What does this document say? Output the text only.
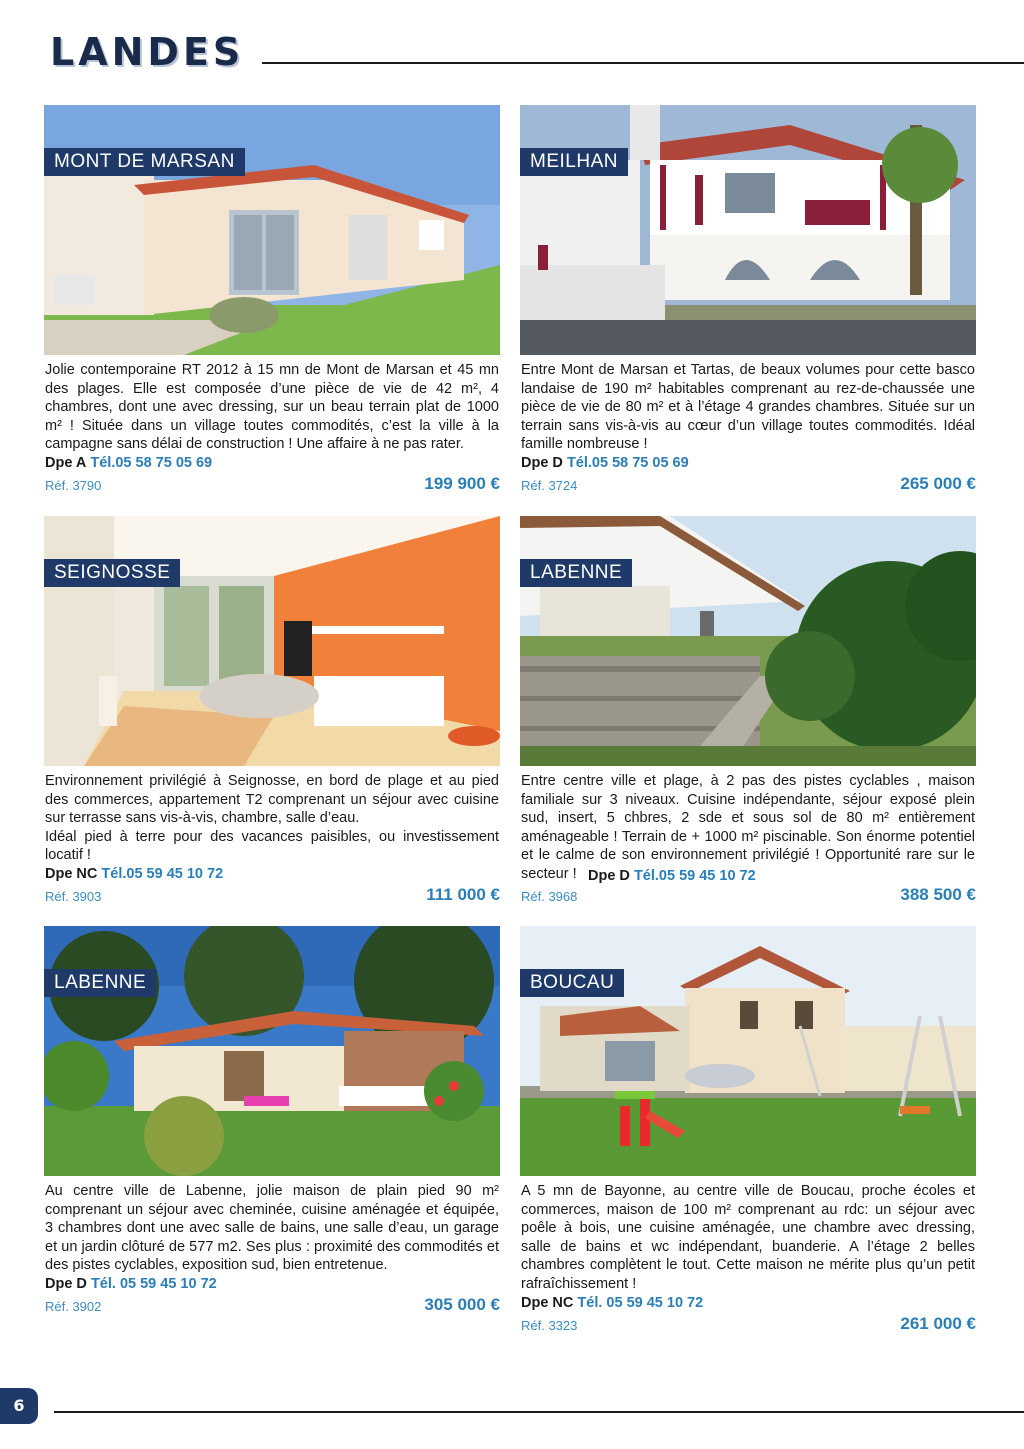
LANDES
MONT DE MARSAN
Jolie contemporaine RT 2012 à 15 mn de Mont de Marsan et 45 mn des plages. Elle est composée d’une pièce de vie de 42 m², 4 chambres, dont une avec dressing, sur un beau terrain plat de 1000 m² ! Située dans un village toutes commodités, c’est la ville à la campagne sans délai de construction ! Une affaire à ne pas rater.
Dpe A Tél.05 58 75 05 69
Réf. 3790	199 900 €
MEILHAN
Entre Mont de Marsan et Tartas, de beaux volumes pour cette basco landaise de 190 m² habitables comprenant au rez-de-chaussée une pièce de vie de 80 m² et à l’étage 4 grandes chambres. Située sur un terrain sans vis-à-vis au cœur d’un village toutes commodités. Idéal famille nombreuse !
Dpe D Tél.05 58 75 05 69
Réf. 3724	265 000 €
SEIGNOSSE
Environnement privilégié à Seignosse, en bord de plage et au pied des commerces, appartement T2 comprenant un séjour avec cuisine sur terrasse sans vis-à-vis, chambre, salle d’eau.
Idéal pied à terre pour des vacances paisibles, ou investissement locatif !
Dpe NC Tél.05 59 45 10 72
Réf. 3903	111 000 €
LABENNE
Entre centre ville et plage, à 2 pas des pistes cyclables , maison familiale sur 3 niveaux. Cuisine indépendante, séjour exposé plein sud, insert, 5 chbres, 2 sde et sous sol de 80 m² entièrement aménageable ! Terrain de + 1000 m² piscinable. Son énorme potentiel et le calme de son environnement privilégié ! Opportunité rare sur le secteur !
Réf. 3968	388 500 €
Dpe D Tél.05 59 45 10 72
LABENNE
Au centre ville de Labenne, jolie maison de plain pied 90 m² comprenant un séjour avec cheminée, cuisine aménagée et équipée, 3 chambres dont une avec salle de bains, une salle d’eau, un garage et un jardin clôturé de 577 m2. Ses plus : proximité des commodités et des pistes cyclables, exposition sud, bien entretenue.
Dpe D Tél. 05 59 45 10 72
Réf. 3902	305 000 €
BOUCAU
A 5 mn de Bayonne, au centre ville de Boucau, proche écoles et commerces, maison de 100 m² comprenant au rdc: un séjour avec poêle à bois, une cuisine aménagée, une chambre avec dressing, salle de bains et wc indépendant, buanderie. A l’étage 2 belles chambres complètent le tout. Cette maison ne mérite plus qu’un petit rafraîchissement !
Dpe NC Tél. 05 59 45 10 72
Réf. 3323	261 000 €
6
